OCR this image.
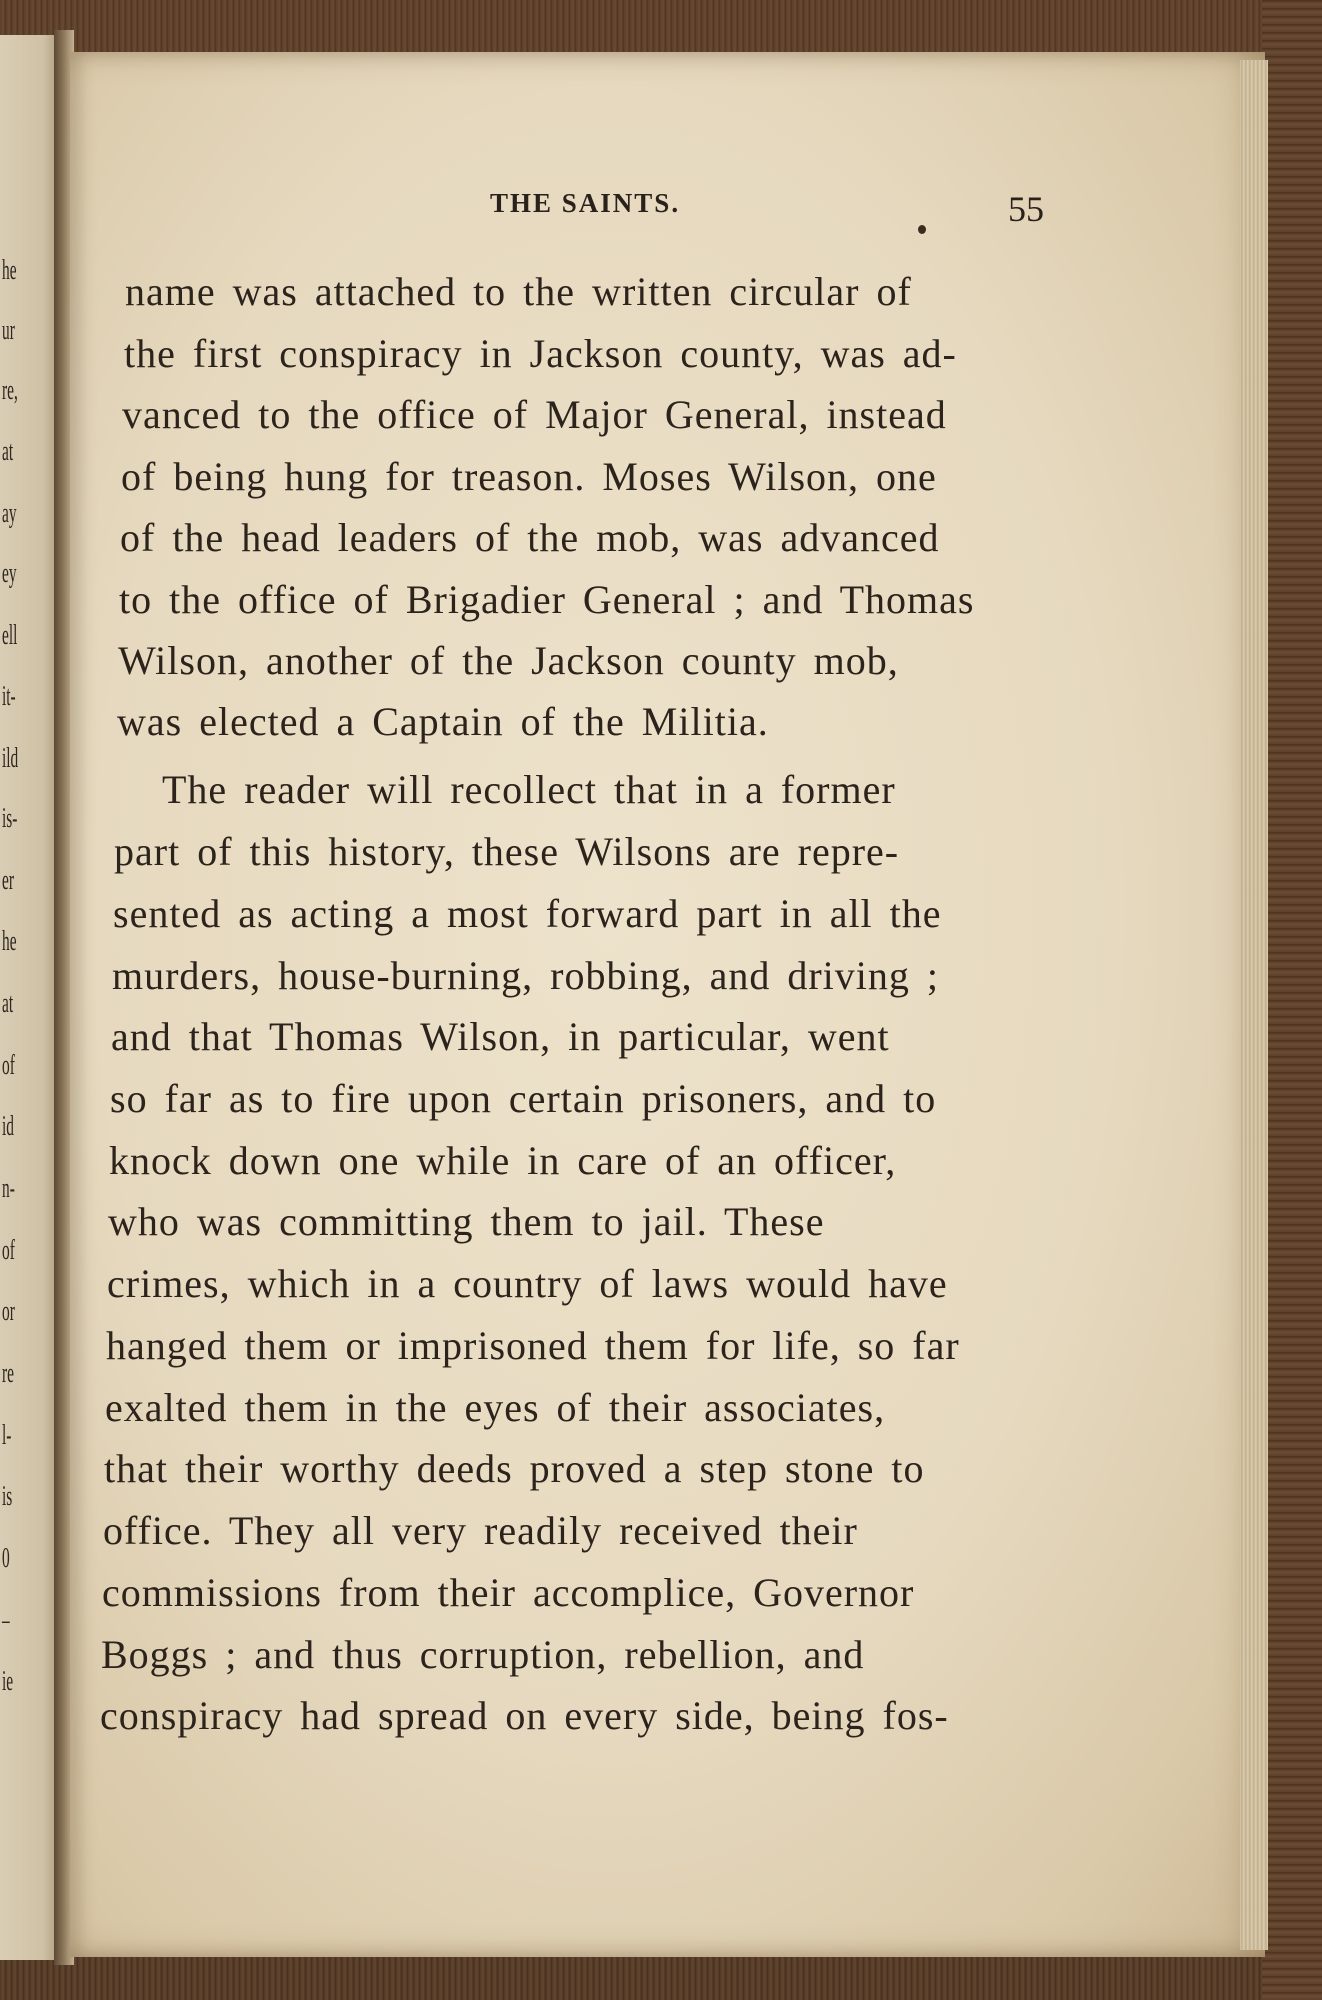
he
ur
re,
at
ay
ey
ell
it-
ild
is-
er
he
at
of
id
n-
of
or
re
l-
is
0
–
ie
THE SAINTS.	55
name was attached to the written circular of
the first conspiracy in Jackson county, was ad-
vanced to the office of Major General, instead
of being hung for treason. Moses Wilson, one
of the head leaders of the mob, was advanced
to the office of Brigadier General ; and Thomas
Wilson, another of the Jackson county mob,
was elected a Captain of the Militia.
The reader will recollect that in a former
part of this history, these Wilsons are repre-
sented as acting a most forward part in all the
murders, house-burning, robbing, and driving ;
and that Thomas Wilson, in particular, went
so far as to fire upon certain prisoners, and to
knock down one while in care of an officer,
who was committing them to jail. These
crimes, which in a country of laws would have
hanged them or imprisoned them for life, so far
exalted them in the eyes of their associates,
that their worthy deeds proved a step stone to
office. They all very readily received their
commissions from their accomplice, Governor
Boggs ; and thus corruption, rebellion, and
conspiracy had spread on every side, being fos-
